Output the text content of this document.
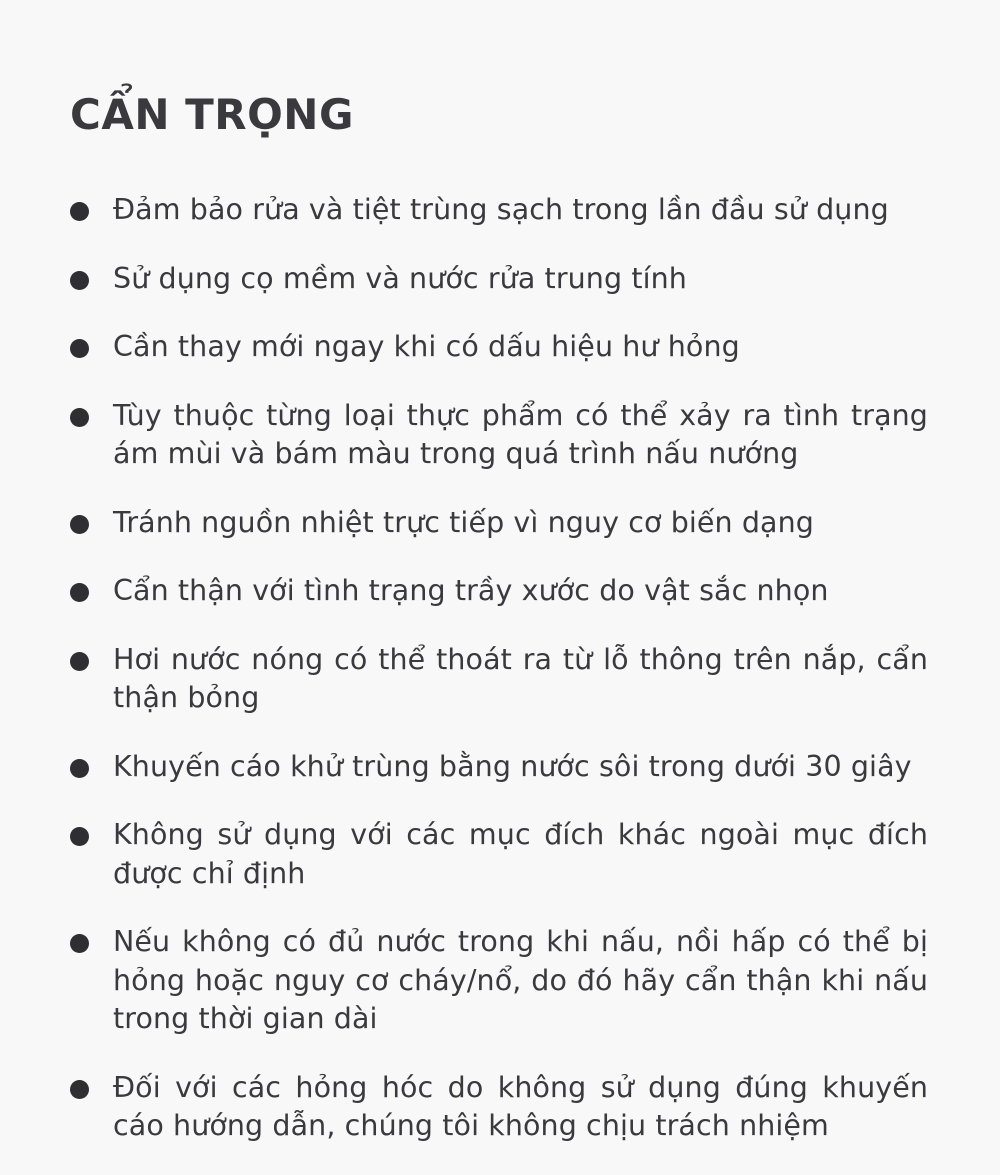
CẨN TRỌNG
Đảm bảo rửa và tiệt trùng sạch trong lần đầu sử dụng
Sử dụng cọ mềm và nước rửa trung tính
Cần thay mới ngay khi có dấu hiệu hư hỏng
Tùy thuộc từng loại thực phẩm có thể xảy ra tình trạng ám mùi và bám màu trong quá trình nấu nướng
Tránh nguồn nhiệt trực tiếp vì nguy cơ biến dạng
Cẩn thận với tình trạng trầy xước do vật sắc nhọn
Hơi nước nóng có thể thoát ra từ lỗ thông trên nắp, cẩn thận bỏng
Khuyến cáo khử trùng bằng nước sôi trong dưới 30 giây
Không sử dụng với các mục đích khác ngoài mục đích được chỉ định
Nếu không có đủ nước trong khi nấu, nồi hấp có thể bị hỏng hoặc nguy cơ cháy/nổ, do đó hãy cẩn thận khi nấu trong thời gian dài
Đối với các hỏng hóc do không sử dụng đúng khuyến cáo hướng dẫn, chúng tôi không chịu trách nhiệm
